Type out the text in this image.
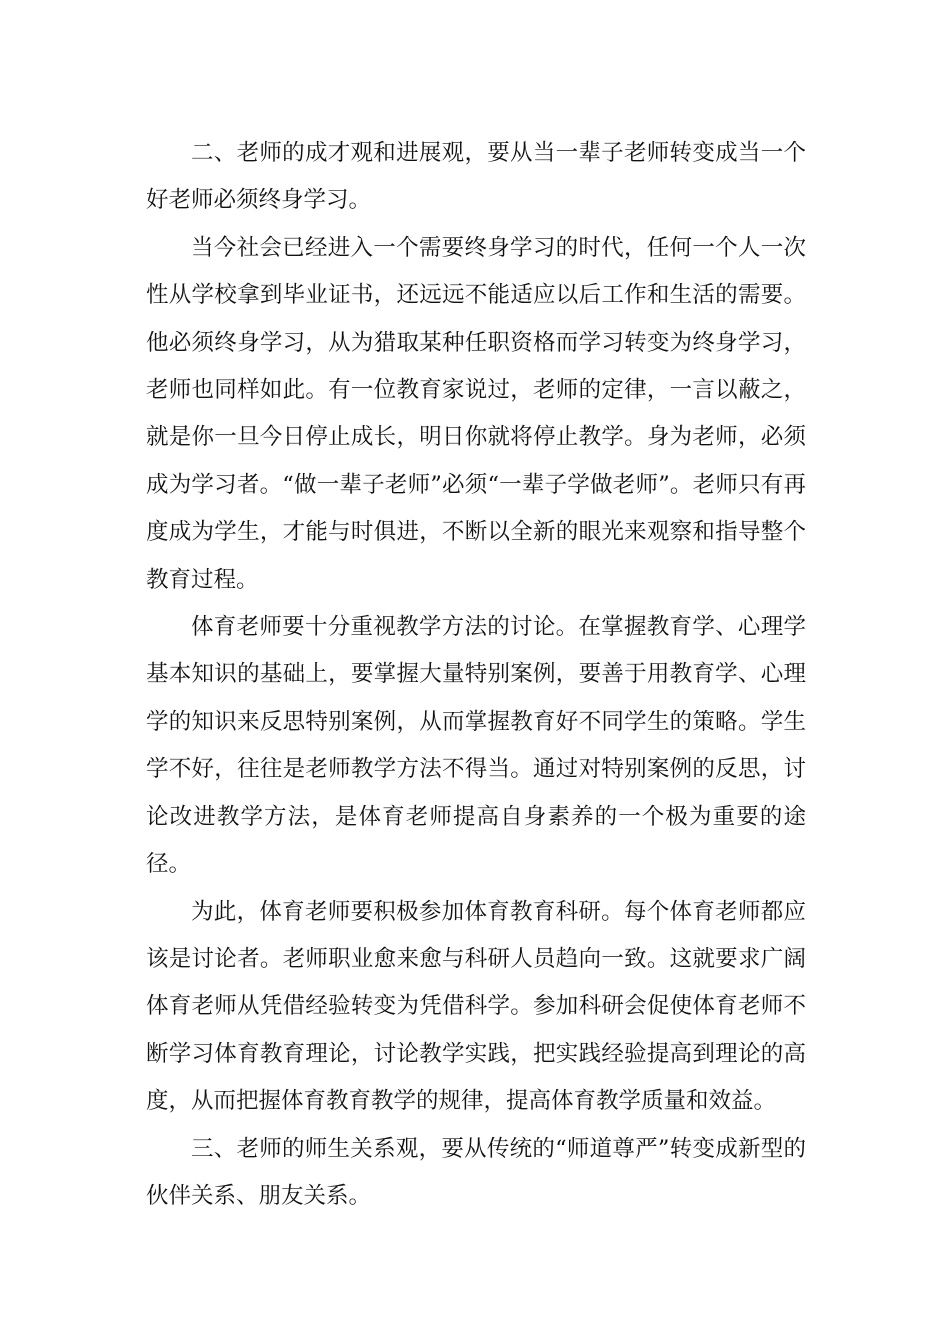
二、老师的成才观和进展观，要从当一辈子老师转变成当一个好老师必须终身学习。

当今社会已经进入一个需要终身学习的时代，任何一个人一次性从学校拿到毕业证书，还远远不能适应以后工作和生活的需要。他必须终身学习，从为猎取某种任职资格而学习转变为终身学习，老师也同样如此。有一位教育家说过，老师的定律，一言以蔽之，就是你一旦今日停止成长，明日你就将停止教学。身为老师，必须成为学习者。“做一辈子老师”必须“一辈子学做老师”。老师只有再度成为学生，才能与时俱进，不断以全新的眼光来观察和指导整个教育过程。

体育老师要十分重视教学方法的讨论。在掌握教育学、心理学基本知识的基础上，要掌握大量特别案例，要善于用教育学、心理学的知识来反思特别案例，从而掌握教育好不同学生的策略。学生学不好，往往是老师教学方法不得当。通过对特别案例的反思，讨论改进教学方法，是体育老师提高自身素养的一个极为重要的途径。

为此，体育老师要积极参加体育教育科研。每个体育老师都应该是讨论者。老师职业愈来愈与科研人员趋向一致。这就要求广阔体育老师从凭借经验转变为凭借科学。参加科研会促使体育老师不断学习体育教育理论，讨论教学实践，把实践经验提高到理论的高度，从而把握体育教育教学的规律，提高体育教学质量和效益。

三、老师的师生关系观，要从传统的“师道尊严”转变成新型的伙伴关系、朋友关系。
